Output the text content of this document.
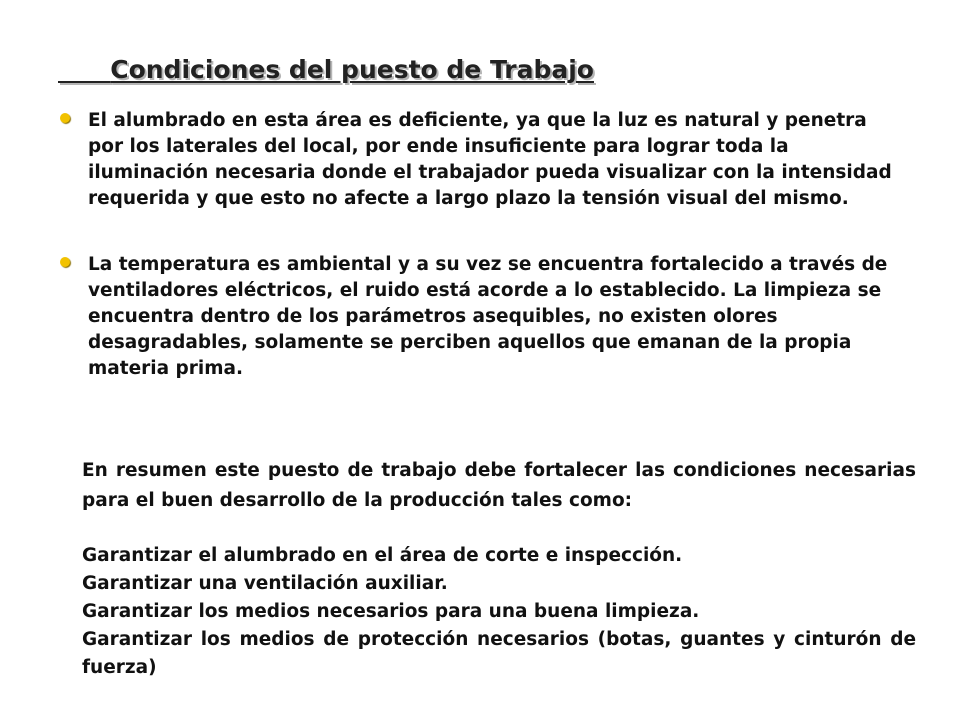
Condiciones del puesto de Trabajo
El alumbrado en esta área es deficiente, ya que la luz es natural y penetra por los laterales del local, por ende insuficiente para lograr toda la iluminación necesaria donde el trabajador pueda visualizar con la intensidad requerida y que esto no afecte a largo plazo la tensión visual del mismo.
La temperatura es ambiental y a su vez se encuentra fortalecido a través de ventiladores eléctricos, el ruido está acorde a lo establecido. La limpieza se encuentra dentro de los parámetros asequibles, no existen olores desagradables, solamente se perciben aquellos que emanan de la propia materia prima.

En resumen este puesto de trabajo debe fortalecer las condiciones necesarias para el buen desarrollo de la producción tales como:

Garantizar el alumbrado en el área de corte e inspección.

Garantizar una ventilación auxiliar.

Garantizar los medios necesarios para una buena limpieza.

Garantizar los medios de protección necesarios (botas, guantes y cinturón de fuerza)
